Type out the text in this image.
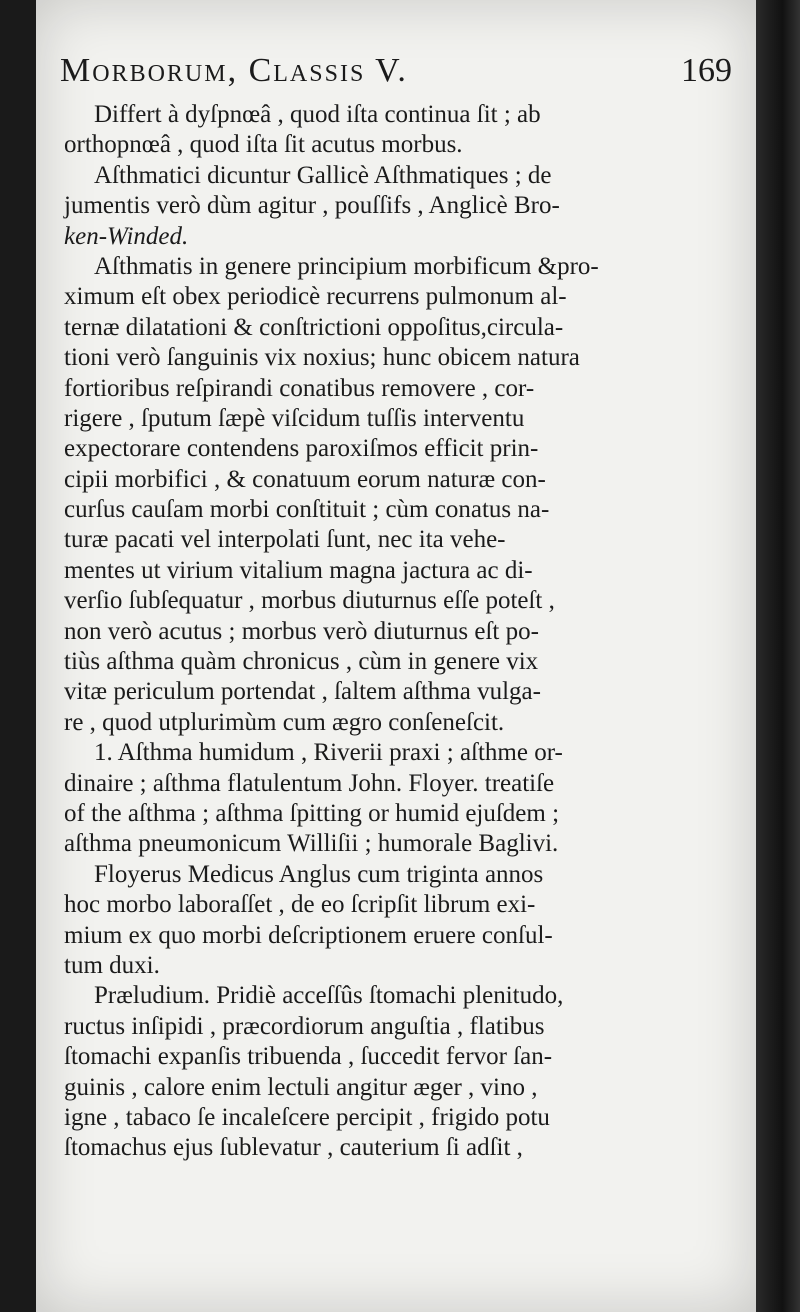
Morborum, Classis V.	169
Differt à dyſpnœâ , quod iſta continua ſit ; ab
orthopnœâ , quod iſta ſit acutus morbus.
Aſthmatici dicuntur Gallicè Aſthmatiques ; de
jumentis verò dùm agitur , pouſſifs , Anglicè Bro-
ken-Winded.
Aſthmatis in genere principium morbificum &pro-
ximum eſt obex periodicè recurrens pulmonum al-
ternæ dilatationi & conſtrictioni oppoſitus,circula-
tioni verò ſanguinis vix noxius; hunc obicem natura
fortioribus reſpirandi conatibus removere , cor-
rigere , ſputum ſæpè viſcidum tuſſis interventu
expectorare contendens paroxiſmos efficit prin-
cipii morbifici , & conatuum eorum naturæ con-
curſus cauſam morbi conſtituit ; cùm conatus na-
turæ pacati vel interpolati ſunt, nec ita vehe-
mentes ut virium vitalium magna jactura ac di-
verſio ſubſequatur , morbus diuturnus eſſe poteſt ,
non verò acutus ; morbus verò diuturnus eſt po-
tiùs aſthma quàm chronicus , cùm in genere vix
vitæ periculum portendat , ſaltem aſthma vulga-
re , quod utplurimùm cum ægro conſeneſcit.
1. Aſthma humidum , Riverii praxi ; aſthme or-
dinaire ; aſthma flatulentum John. Floyer. treatiſe
of the aſthma ; aſthma ſpitting or humid ejuſdem ;
aſthma pneumonicum Williſii ; humorale Baglivi.
Floyerus Medicus Anglus cum triginta annos
hoc morbo laboraſſet , de eo ſcripſit librum exi-
mium ex quo morbi deſcriptionem eruere conſul-
tum duxi.
Præludium. Pridiè acceſſûs ſtomachi plenitudo,
ructus inſipidi , præcordiorum anguſtia , flatibus
ſtomachi expanſis tribuenda , ſuccedit fervor ſan-
guinis , calore enim lectuli angitur æger , vino ,
igne , tabaco ſe incaleſcere percipit , frigido potu
ſtomachus ejus ſublevatur , cauterium ſi adſit ,
